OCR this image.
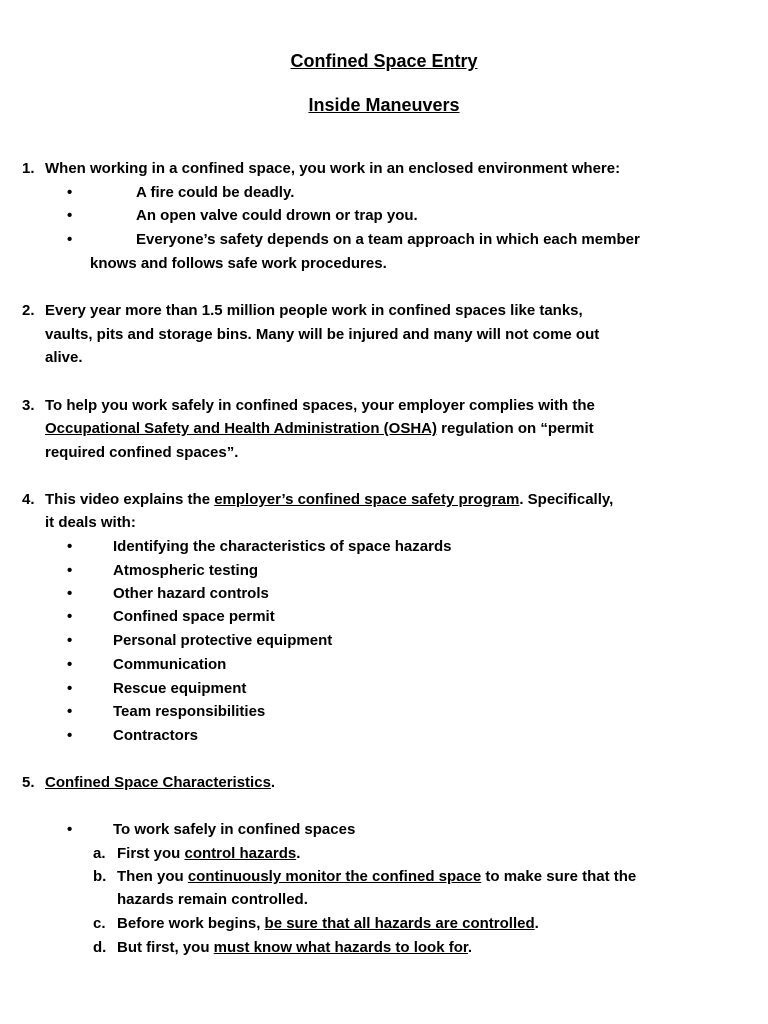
Confined Space Entry
Inside Maneuvers
1. When working in a confined space, you work in an enclosed environment where:
•	A fire could be deadly.
•	An open valve could drown or trap you.
•	Everyone’s safety depends on a team approach in which each member
knows and follows safe work procedures.
2. Every year more than 1.5 million people work in confined spaces like tanks,
vaults, pits and storage bins. Many will be injured and many will not come out
alive.
3. To help you work safely in confined spaces, your employer complies with the
Occupational Safety and Health Administration (OSHA) regulation on “permit
required confined spaces”.
4. This video explains the employer’s confined space safety program. Specifically,
it deals with:
•	Identifying the characteristics of space hazards
•	Atmospheric testing
•	Other hazard controls
•	Confined space permit
•	Personal protective equipment
•	Communication
•	Rescue equipment
•	Team responsibilities
•	Contractors
5. Confined Space Characteristics.
•	To work safely in confined spaces
a. First you control hazards.
b. Then you continuously monitor the confined space to make sure that the
hazards remain controlled.
c. Before work begins, be sure that all hazards are controlled.
d. But first, you must know what hazards to look for.
